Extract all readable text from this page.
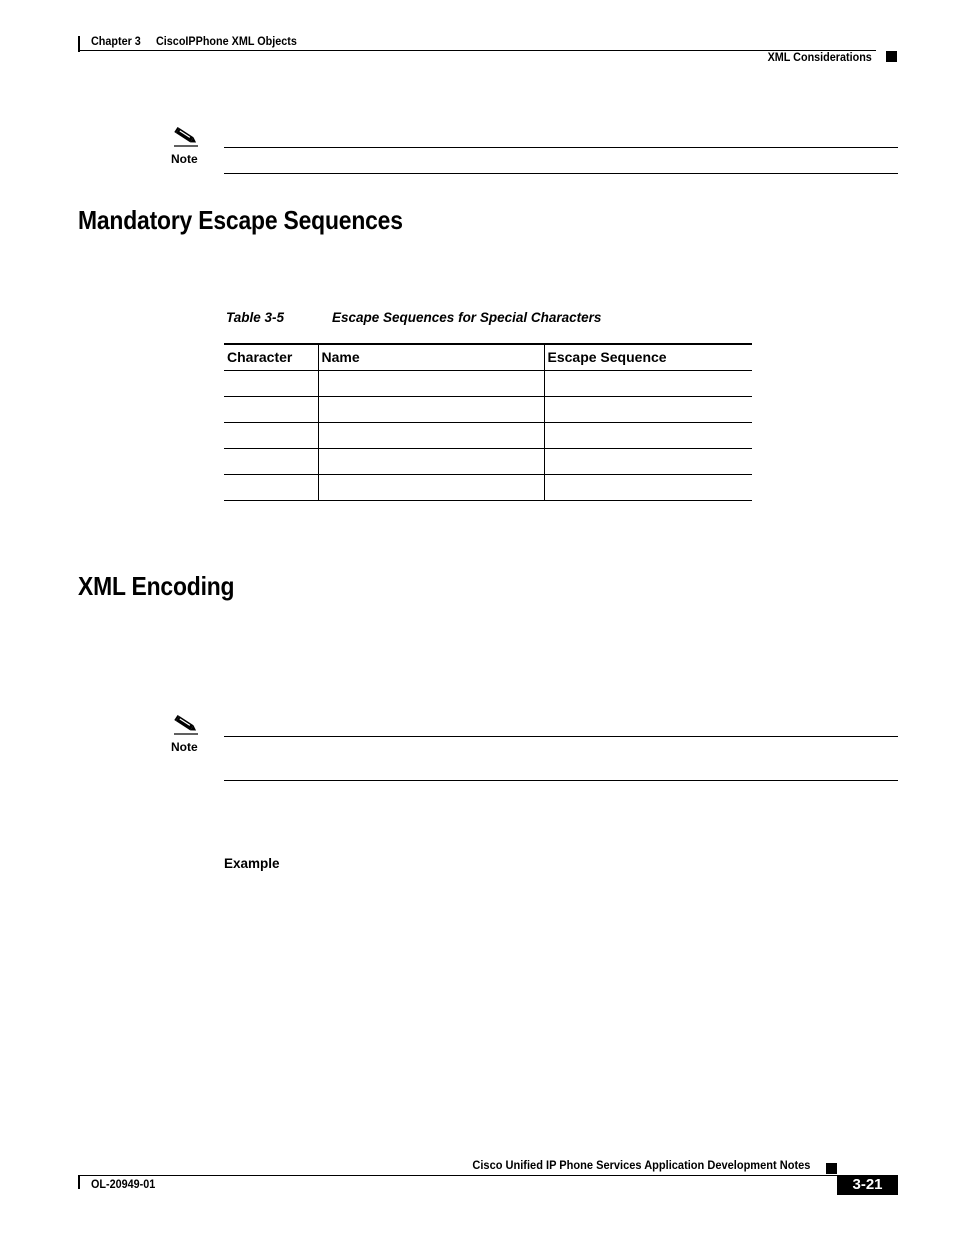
Chapter 3 CiscoIPPhone XML Objects
XML Considerations
Note
Mandatory Escape Sequences
Table 3-5	Escape Sequences for Special Characters
Character	Name	Escape Sequence

XML Encoding
Note
Example
Cisco Unified IP Phone Services Application Development Notes
OL-20949-01	3-21
